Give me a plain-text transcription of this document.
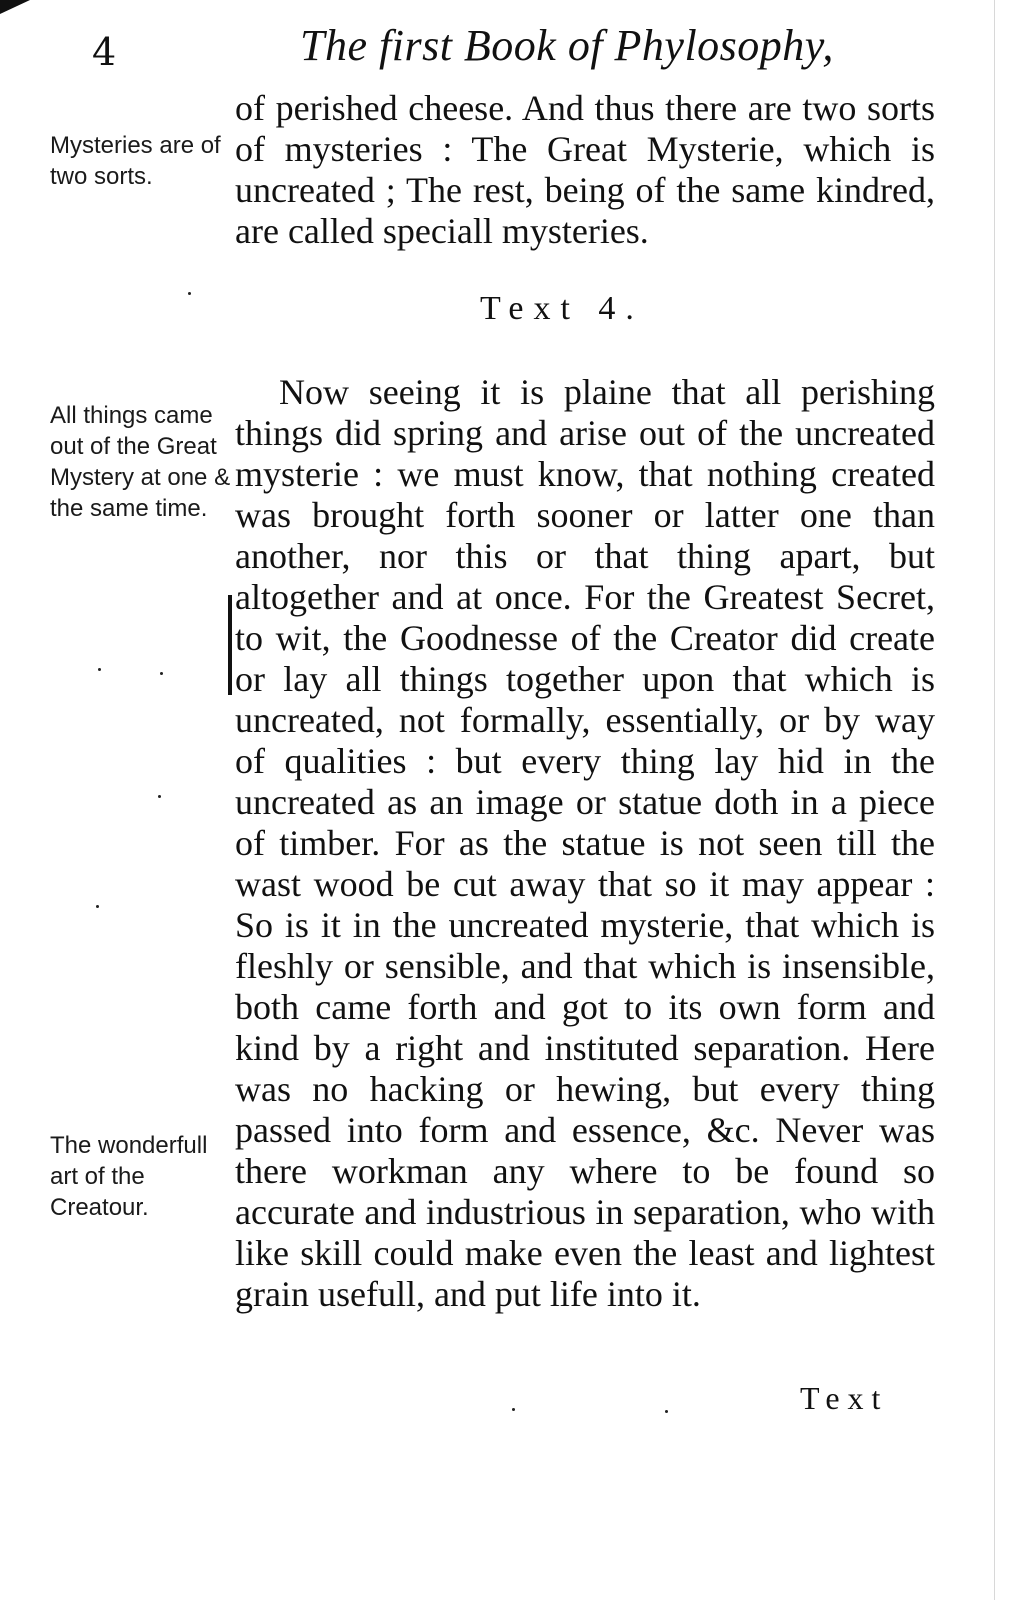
4	The first Book of Phylosophy,
of perished cheese. And thus there are two sorts of mysteries : The Great Mysterie, which is uncreated ; The rest, being of the same kindred, are called speciall mysteries.
Text 4.
Now seeing it is plaine that all perishing things did spring and arise out of the uncreated mysterie : we must know, that nothing created was brought forth sooner or latter one than another, nor this or that thing apart, but altogether and at once. For the Greatest Secret, to wit, the Goodnesse of the Creator did create or lay all things together upon that which is uncreated, not formally, essentially, or by way of qualities : but every thing lay hid in the uncreated as an image or statue doth in a piece of timber. For as the statue is not seen till the wast wood be cut away that so it may appear : So is it in the uncreated mysterie, that which is fleshly or sensible, and that which is insensible, both came forth and got to its own form and kind by a right and instituted separation. Here was no hacking or hewing, but every thing passed into form and essence, &c. Never was there workman any where to be found so accurate and industrious in separation, who with like skill could make even the least and lightest grain usefull, and put life into it.
Mysteries are of two sorts.
All things came out of the Great Mystery at one & the same time.
The wonderfull art of the Creatour.
Text
